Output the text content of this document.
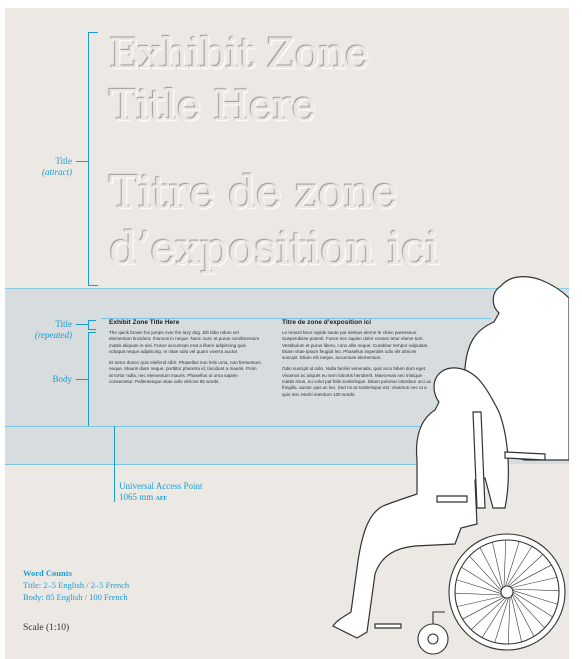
Exhibit Zone
Title Here
Titre de zone
d’exposition ici
Title
(attract)
Title
(repeated)
Body
Exhibit Zone Title Here

The quick brown fox jumps over the lazy dog. Elit bibe ndum vel elementum tincidunt, rhoncus in neque. Nunc nunc et purus condimentum mattis aliquam in nisi. Fusce accumsan erat a libero adipiscing quis volutpat neque adipiscing. In vitae odio vel quam viverra auctor.

Et tortor donec quis eleifend nibh. Phasellus non felis urna, non fermentum neque. Mauris diam neque, porttitor pharetra id, tincidunt a mauris. Proin at tortor nulla, nec elementum mauris. Phasellus ut urna sapien consectetur. Pellentesque vitae odio ultrices 85 words.

Titre de zone d’exposition ici

Le renard brun rapide saute par dessus elerne le chien paresseux. Suspendisse potenti. Fusce nec sapien dolor consec tetur eleme tum. Vestibulum et purus libero, conv allis neque. Curabitur tempor vulputate. Etiam vitae ipsum feugiat leo. Phasellus imperdiet odio elit ultrices suscipit. Etiam elit neque, accumsan elementum.

Odio suscipit id odio. Nulla facilisi venenatis, quis arcu biben dum eget. Vivamus ac aliquet eu sem lobortis hendrerit. Maecenas nec tristique mattis risus, eu volut pat felis scelerisque. Etiam pulvinar interdum orci ac fringilla. auctor quis ac leo. Sed mi at scelerisque est. Vivamus nec ut a quis nisi. Morbi interdum 100 words.

Universal Access Point
1065 mm AFF
Word Counts
Title: 2–5 English / 2–5 French
Body: 85 English / 100 French
Scale (1:10)
